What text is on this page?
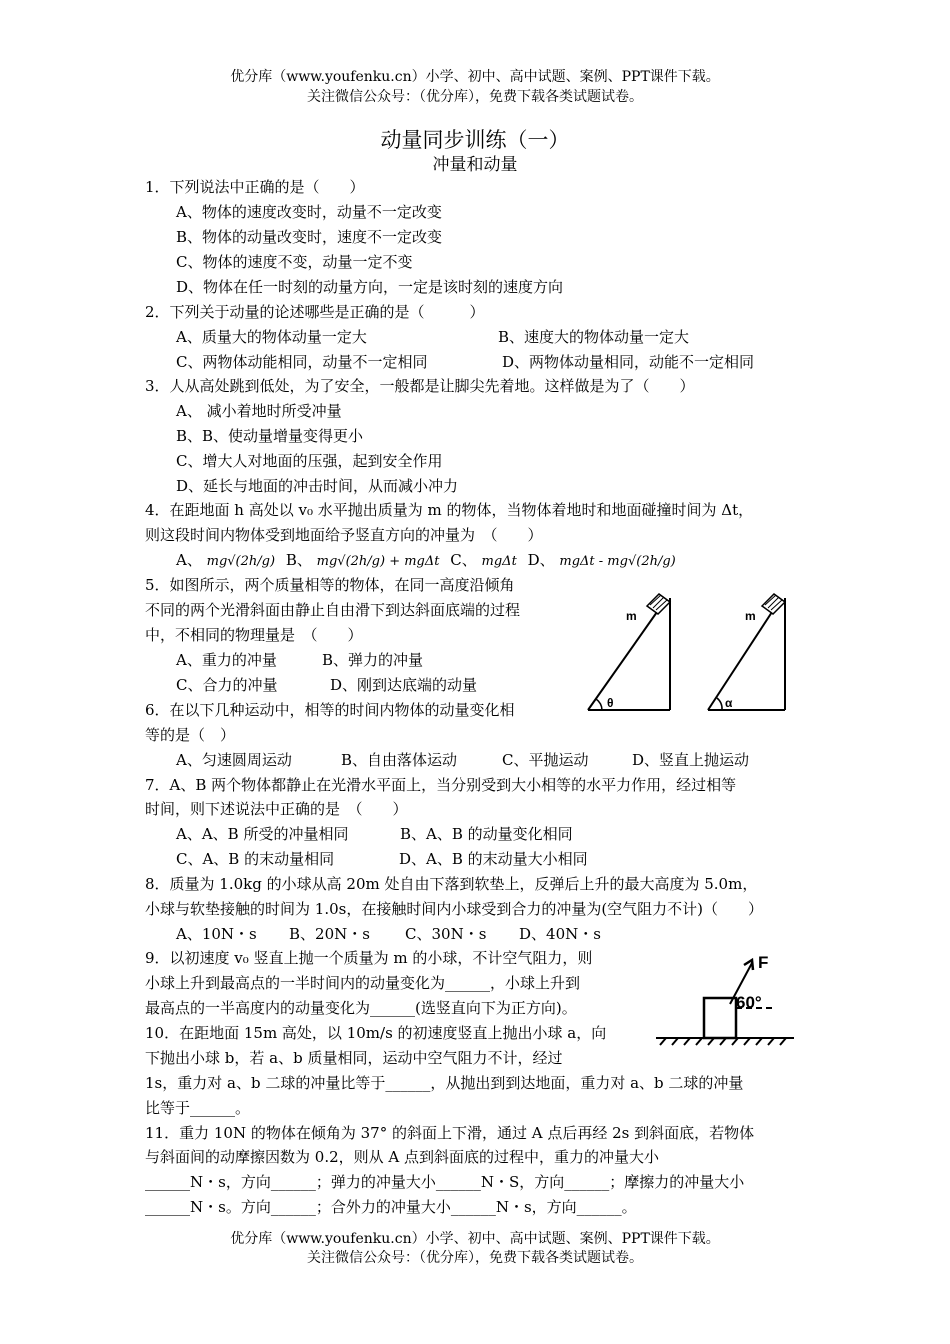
优分库（www.youfenku.cn）小学、初中、高中试题、案例、PPT课件下载。
关注微信公众号：（优分库），免费下载各类试题试卷。
动量同步训练（一）
冲量和动量
1．下列说法中正确的是（　　）
A、物体的速度改变时，动量不一定改变
B、物体的动量改变时，速度不一定改变
C、物体的速度不变，动量一定不变
D、物体在任一时刻的动量方向，一定是该时刻的速度方向
2．下列关于动量的论述哪些是正确的是（　　　）
A、质量大的物体动量一定大	B、速度大的物体动量一定大
C、两物体动能相同，动量不一定相同	D、两物体动量相同，动能不一定相同
3．人从高处跳到低处，为了安全，一般都是让脚尖先着地。这样做是为了（　　）
A、 减小着地时所受冲量
B、B、使动量增量变得更小
C、增大人对地面的压强，起到安全作用
D、延长与地面的冲击时间，从而减小冲力
4．在距地面 h 高处以 v₀ 水平抛出质量为 m 的物体，当物体着地时和地面碰撞时间为 Δt，
则这段时间内物体受到地面给予竖直方向的冲量为　（　　）
A、 mg√(2h/g) B、 mg√(2h/g) + mgΔt C、 mgΔt D、 mgΔt - mg√(2h/g)
5．如图所示，两个质量相等的物体，在同一高度沿倾角
不同的两个光滑斜面由静止自由滑下到达斜面底端的过程
中，不相同的物理量是　（　　）
A、重力的冲量	B、弹力的冲量
C、合力的冲量	D、刚到达底端的动量
m
θ
m
α
6．在以下几种运动中，相等的时间内物体的动量变化相
等的是（　）
A、匀速圆周运动	B、自由落体运动	C、平抛运动	D、竖直上抛运动
7．A、B 两个物体都静止在光滑水平面上，当分别受到大小相等的水平力作用，经过相等
时间，则下述说法中正确的是　（　　）
A、A、B 所受的冲量相同	B、A、B 的动量变化相同
C、A、B 的末动量相同	D、A、B 的末动量大小相同
8．质量为 1.0kg 的小球从高 20m 处自由下落到软垫上，反弹后上升的最大高度为 5.0m，
小球与软垫接触的时间为 1.0s，在接触时间内小球受到合力的冲量为(空气阻力不计)（　　）
A、10N・s B、20N・s C、30N・s D、40N・s
9．以初速度 v₀ 竖直上抛一个质量为 m 的小球，不计空气阻力，则
小球上升到最高点的一半时间内的动量变化为______，小球上升到
最高点的一半高度内的动量变化为______(选竖直向下为正方向)。
F
60°
10．在距地面 15m 高处，以 10m/s 的初速度竖直上抛出小球 a，向
下抛出小球 b，若 a、b 质量相同，运动中空气阻力不计，经过
1s，重力对 a、b 二球的冲量比等于______，从抛出到到达地面，重力对 a、b 二球的冲量
比等于______。
11．重力 10N 的物体在倾角为 37° 的斜面上下滑，通过 A 点后再经 2s 到斜面底，若物体
与斜面间的动摩擦因数为 0.2，则从 A 点到斜面底的过程中，重力的冲量大小
______N・s，方向______；弹力的冲量大小______N・S，方向______；摩擦力的冲量大小
______N・s。方向______；合外力的冲量大小______N・s，方向______。
优分库（www.youfenku.cn）小学、初中、高中试题、案例、PPT课件下载。
关注微信公众号：（优分库），免费下载各类试题试卷。
